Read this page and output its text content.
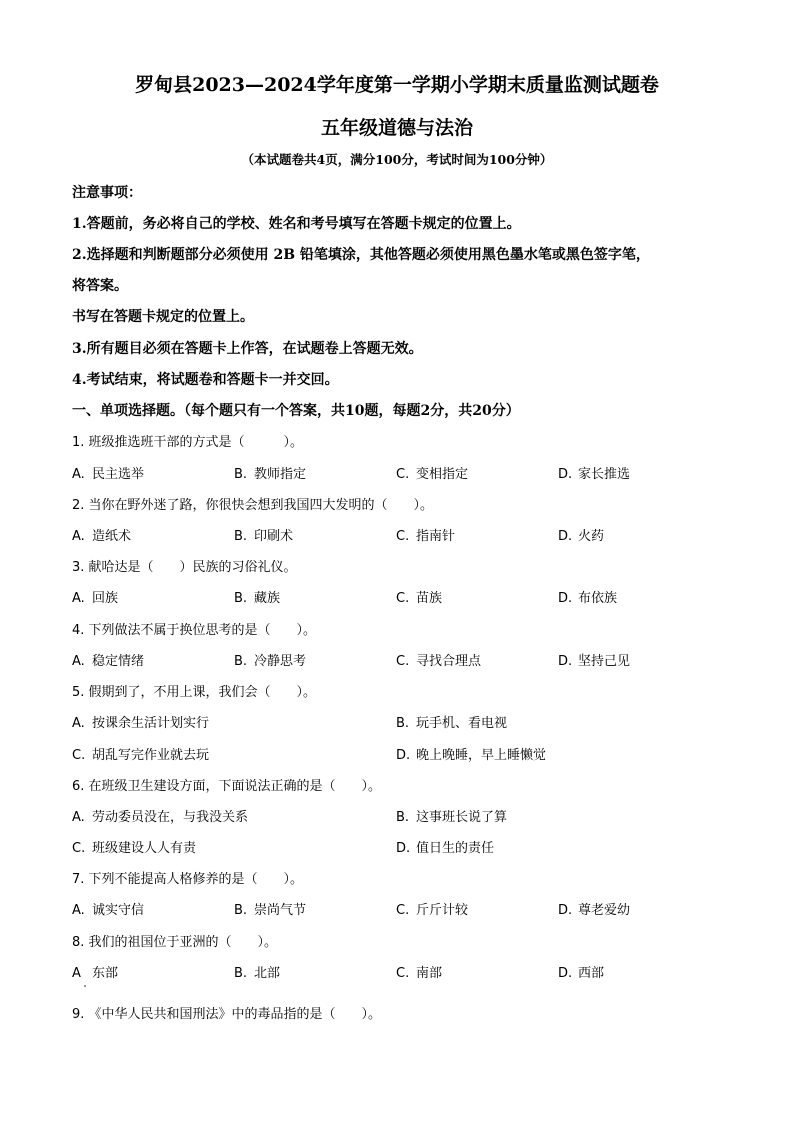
罗甸县2023—2024学年度第一学期小学期末质量监测试题卷
五年级道德与法治
（本试题卷共4页，满分100分，考试时间为100分钟）
注意事项：
1.答题前，务必将自己的学校、姓名和考号填写在答题卡规定的位置上。
2.选择题和判断题部分必须使用 2B 铅笔填涂，其他答题必须使用黑色墨水笔或黑色签字笔，
将答案。
书写在答题卡规定的位置上。
3.所有题目必须在答题卡上作答，在试题卷上答题无效。
4.考试结束，将试题卷和答题卡一并交回。
一、单项选择题。（每个题只有一个答案，共10题，每题2分，共20分）
1. 班级推选班干部的方式是（　　　）。
A. 民主选举	B. 教师指定	C. 变相指定	D. 家长推选
2. 当你在野外迷了路，你很快会想到我国四大发明的（　　）。
A. 造纸术	B. 印刷术	C. 指南针	D. 火药
3. 献哈达是（　　）民族的习俗礼仪。
A. 回族	B. 藏族	C. 苗族	D. 布依族
4. 下列做法不属于换位思考的是（　　）。
A. 稳定情绪	B. 冷静思考	C. 寻找合理点	D. 坚持己见
5. 假期到了，不用上课，我们会（　　）。
A. 按课余生活计划实行	B. 玩手机、看电视
C. 胡乱写完作业就去玩	D. 晚上晚睡，早上睡懒觉
6. 在班级卫生建设方面，下面说法正确的是（　　）。
A. 劳动委员没在，与我没关系	B. 这事班长说了算
C. 班级建设人人有责	D. 值日生的责任
7. 下列不能提高人格修养的是（　　）。
A. 诚实守信	B. 崇尚气节	C. 斤斤计较	D. 尊老爱幼
8. 我们的祖国位于亚洲的（　　）。
A 东部	B. 北部	C. 南部	D. 西部
9. 《中华人民共和国刑法》中的毒品指的是（　　）。
